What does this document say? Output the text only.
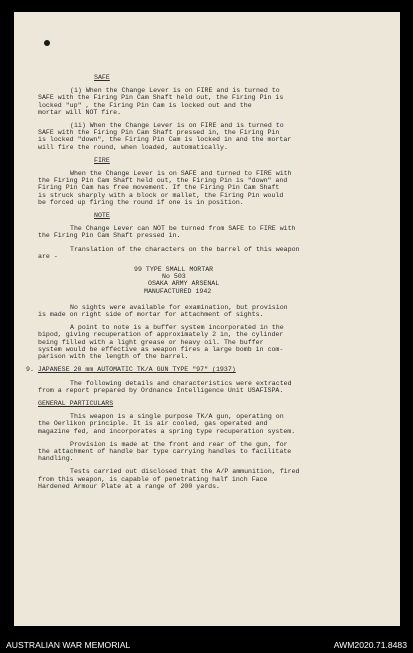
SAFE

(i) When the Change Lever is on FIRE and is turned to

SAFE with the Firing Pin Cam Shaft held out, the Firing Pin is

locked "up" , the Firing Pin Cam is locked out and the

mortar will NOT fire.

(ii) When the Change Lever is on FIRE and is turned to

SAFE with the Firing Pin Cam Shaft pressed in, the Firing Pin

is locked "down", the Firing Pin Cam is locked in and the mortar

will fire the round, when loaded, automatically.

FIRE

When the Change Lever is on SAFE and turned to FIRE with

the Firing Pin Cam Shaft held out, the Firing Pin is "down" and

Firing Pin Cam has free movement. If the Firing Pin Cam Shaft

is struck sharply with a block or mallet, the Firing Pin would

be forced up firing the round if one is in position.

NOTE

The Change Lever can NOT be turned from SAFE to FIRE with

the Firing Pin Cam Shaft pressed in.

Translation of the characters on the barrel of this weapon

are -

99 TYPE SMALL MORTAR

No 503

OSAKA ARMY ARSENAL

MANUFACTURED 1942

No sights were available for examination, but provision

is made on right side of mortar for attachment of sights.

A point to note is a buffer system incorporated in the

bipod, giving recuperation of approximately 2 in, the cylinder

being filled with a light grease or heavy oil. The buffer

system would be effective as weapon fires a large bomb in com-

parison with the length of the barrel.

9. JAPANESE 20 mm AUTOMATIC TK/A GUN TYPE "97" (1937)

The following details and characteristics were extracted

from a report prepared by Ordnance Intelligence Unit USAFISPA.

GENERAL PARTICULARS

This weapon is a single purpose TK/A gun, operating on

the Oerlikon principle. It is air cooled, gas operated and

magazine fed, and incorporates a spring type recuperation system.

Provision is made at the front and rear of the gun, for

the attachment of handle bar type carrying handles to facilitate

handling.

Tests carried out disclosed that the A/P ammunition, fired

from this weapon, is capable of penetrating half inch Face

Hardened Armour Plate at a range of 200 yards.

AUSTRALIAN WAR MEMORIAL	AWM2020.71.8483
